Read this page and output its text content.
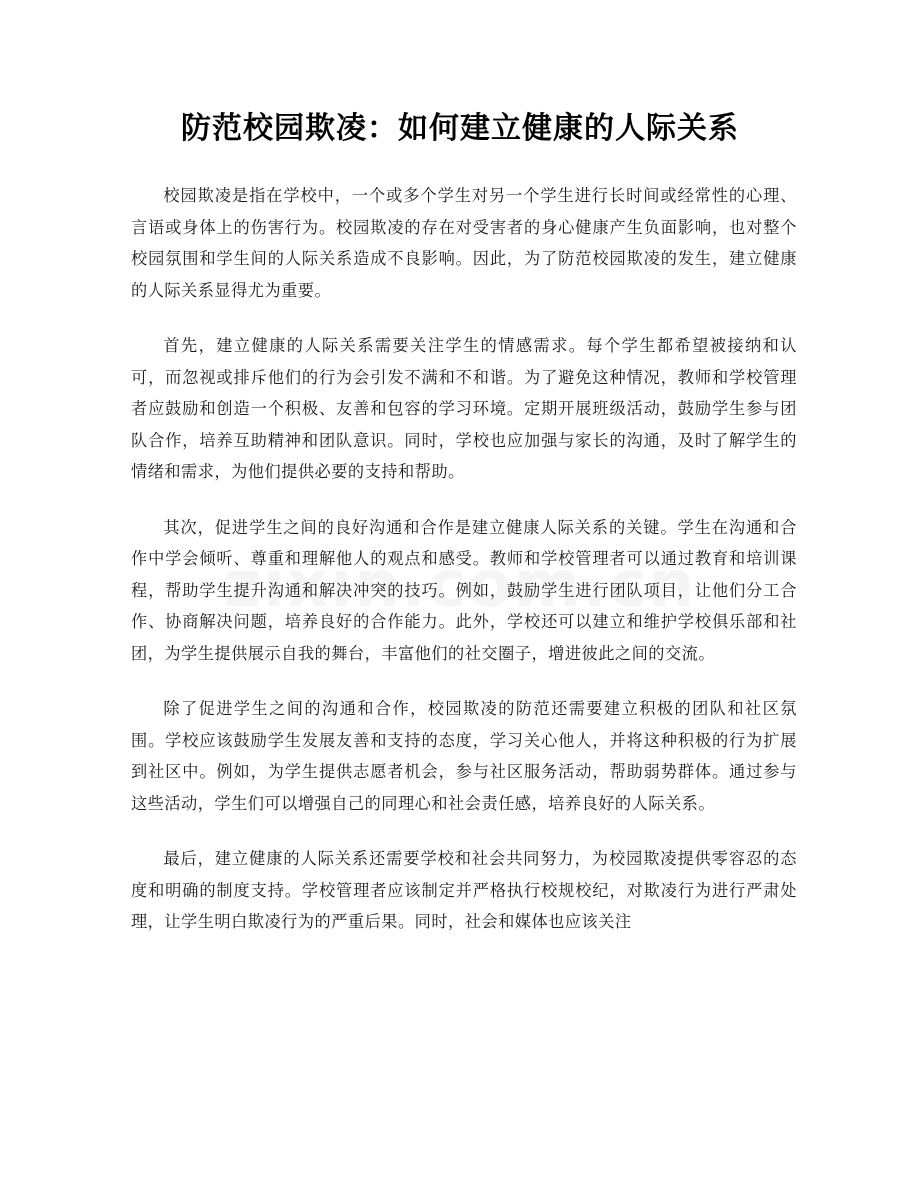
防范校园欺凌：如何建立健康的人际关系

校园欺凌是指在学校中，一个或多个学生对另一个学生进行长时间或经常性的心理、言语或身体上的伤害行为。校园欺凌的存在对受害者的身心健康产生负面影响，也对整个校园氛围和学生间的人际关系造成不良影响。因此，为了防范校园欺凌的发生，建立健康的人际关系显得尤为重要。

首先，建立健康的人际关系需要关注学生的情感需求。每个学生都希望被接纳和认可，而忽视或排斥他们的行为会引发不满和不和谐。为了避免这种情况，教师和学校管理者应鼓励和创造一个积极、友善和包容的学习环境。定期开展班级活动，鼓励学生参与团队合作，培养互助精神和团队意识。同时，学校也应加强与家长的沟通，及时了解学生的情绪和需求，为他们提供必要的支持和帮助。

其次，促进学生之间的良好沟通和合作是建立健康人际关系的关键。学生在沟通和合作中学会倾听、尊重和理解他人的观点和感受。教师和学校管理者可以通过教育和培训课程，帮助学生提升沟通和解决冲突的技巧。例如，鼓励学生进行团队项目，让他们分工合作、协商解决问题，培养良好的合作能力。此外，学校还可以建立和维护学校俱乐部和社团，为学生提供展示自我的舞台，丰富他们的社交圈子，增进彼此之间的交流。

除了促进学生之间的沟通和合作，校园欺凌的防范还需要建立积极的团队和社区氛围。学校应该鼓励学生发展友善和支持的态度，学习关心他人，并将这种积极的行为扩展到社区中。例如，为学生提供志愿者机会，参与社区服务活动，帮助弱势群体。通过参与这些活动，学生们可以增强自己的同理心和社会责任感，培养良好的人际关系。

最后，建立健康的人际关系还需要学校和社会共同努力，为校园欺凌提供零容忍的态度和明确的制度支持。学校管理者应该制定并严格执行校规校纪，对欺凌行为进行严肃处理，让学生明白欺凌行为的严重后果。同时，社会和媒体也应该关注
